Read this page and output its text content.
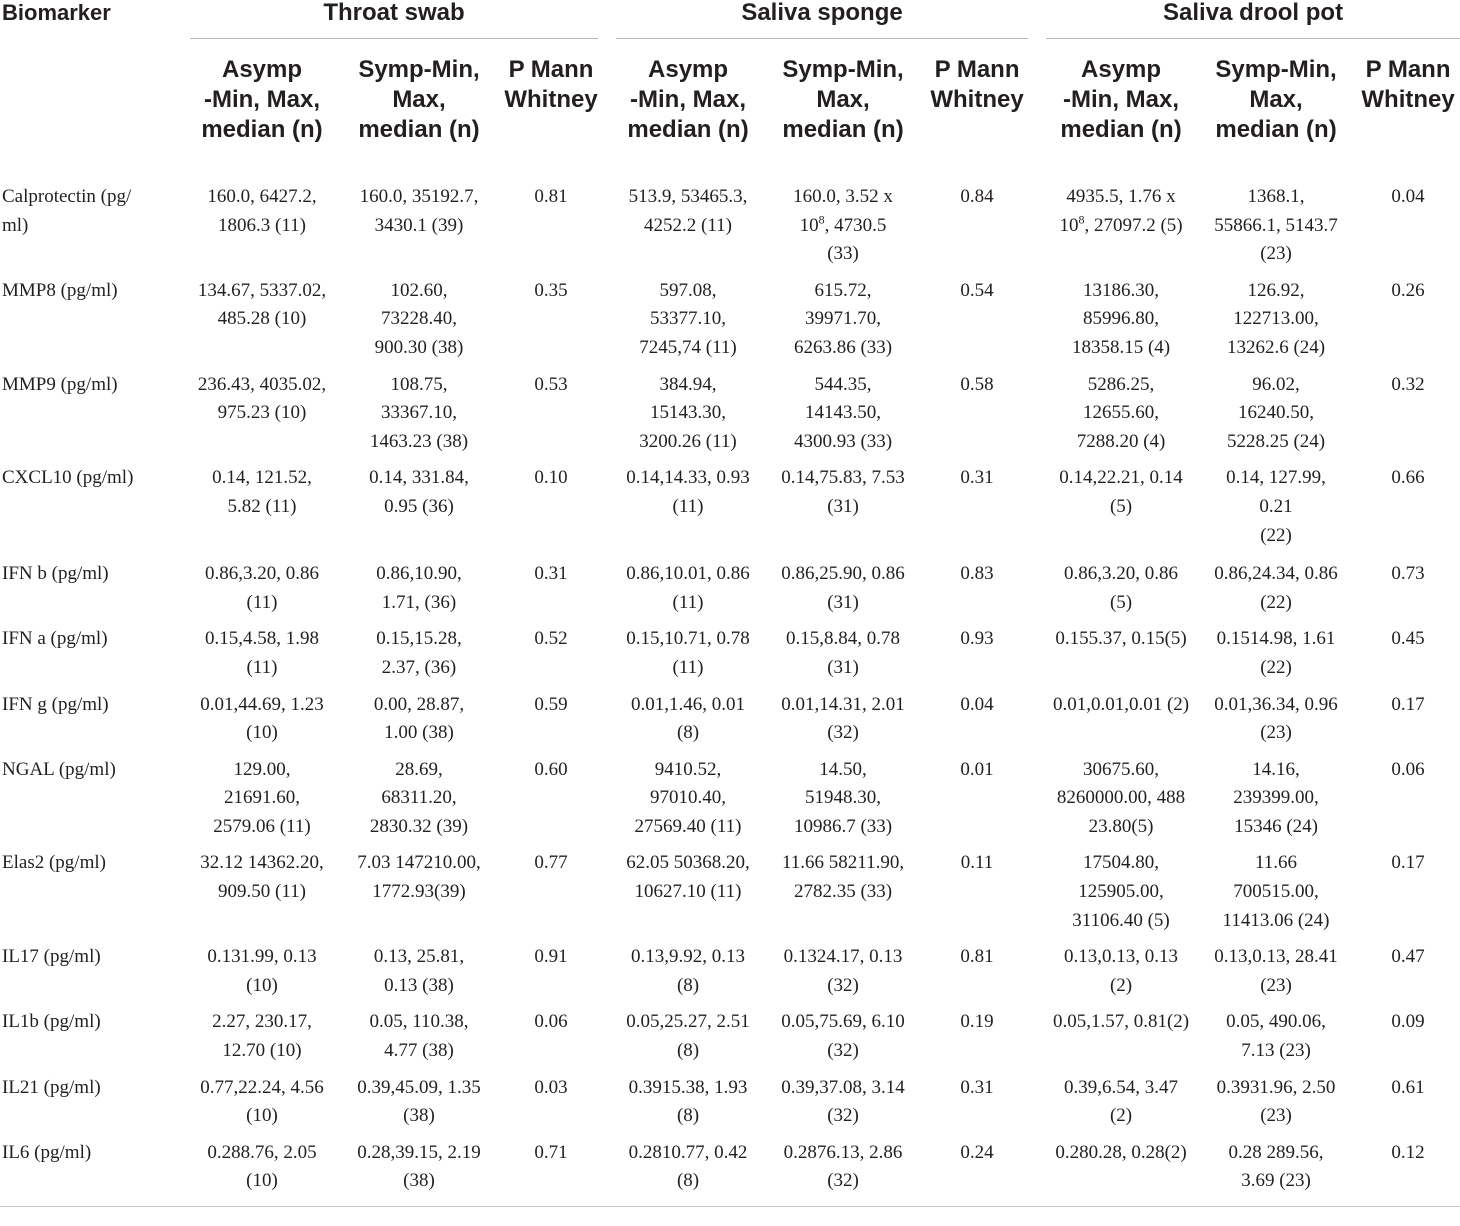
Biomarker	Throat swab				Saliva sponge				Saliva drool pot		
	Asymp
-Min, Max,
median (n)	Symp-Min,
Max,
median (n)	P Mann
Whitney		Asymp
-Min, Max,
median (n)	Symp-Min,
Max,
median (n)	P Mann
Whitney		Asymp
-Min, Max,
median (n)	Symp-Min,
Max,
median (n)	P Mann
Whitney
Calprotectin (pg/
ml)	160.0, 6427.2,
1806.3 (11)	160.0, 35192.7,
3430.1 (39)	0.81		513.9, 53465.3,
4252.2 (11)	160.0, 3.52 x
$10^8$, 4730.5
(33)	0.84		4935.5, 1.76 x
$10^8$, 27097.2 (5)	1368.1,
55866.1, 5143.7
(23)	0.04
MMP8 (pg/ml)	134.67, 5337.02,
485.28 (10)	102.60,
73228.40,
900.30 (38)	0.35		597.08,
53377.10,
7245,74 (11)	615.72,
39971.70,
6263.86 (33)	0.54		13186.30,
85996.80,
18358.15 (4)	126.92,
122713.00,
13262.6 (24)	0.26
MMP9 (pg/ml)	236.43, 4035.02,
975.23 (10)	108.75,
33367.10,
1463.23 (38)	0.53		384.94,
15143.30,
3200.26 (11)	544.35,
14143.50,
4300.93 (33)	0.58		5286.25,
12655.60,
7288.20 (4)	96.02,
16240.50,
5228.25 (24)	0.32
CXCL10 (pg/ml)	0.14, 121.52,
5.82 (11)	0.14, 331.84,
0.95 (36)	0.10		0.14,14.33, 0.93
(11)	0.14,75.83, 7.53
(31)	0.31		0.14,22.21, 0.14
(5)	0.14, 127.99,
0.21
(22)	0.66
IFN b (pg/ml)	0.86,3.20, 0.86
(11)	0.86,10.90,
1.71, (36)	0.31		0.86,10.01, 0.86
(11)	0.86,25.90, 0.86
(31)	0.83		0.86,3.20, 0.86
(5)	0.86,24.34, 0.86
(22)	0.73
IFN a (pg/ml)	0.15,4.58, 1.98
(11)	0.15,15.28,
2.37, (36)	0.52		0.15,10.71, 0.78
(11)	0.15,8.84, 0.78
(31)	0.93		0.155.37, 0.15(5)	0.1514.98, 1.61
(22)	0.45
IFN g (pg/ml)	0.01,44.69, 1.23
(10)	0.00, 28.87,
1.00 (38)	0.59		0.01,1.46, 0.01
(8)	0.01,14.31, 2.01
(32)	0.04		0.01,0.01,0.01 (2)	0.01,36.34, 0.96
(23)	0.17
NGAL (pg/ml)	129.00,
21691.60,
2579.06 (11)	28.69,
68311.20,
2830.32 (39)	0.60		9410.52,
97010.40,
27569.40 (11)	14.50,
51948.30,
10986.7 (33)	0.01		30675.60,
8260000.00, 488
23.80(5)	14.16,
239399.00,
15346 (24)	0.06
Elas2 (pg/ml)	32.12 14362.20,
909.50 (11)	7.03 147210.00,
1772.93(39)	0.77		62.05 50368.20,
10627.10 (11)	11.66 58211.90,
2782.35 (33)	0.11		17504.80,
125905.00,
31106.40 (5)	11.66
700515.00,
11413.06 (24)	0.17
IL17 (pg/ml)	0.131.99, 0.13
(10)	0.13, 25.81,
0.13 (38)	0.91		0.13,9.92, 0.13
(8)	0.1324.17, 0.13
(32)	0.81		0.13,0.13, 0.13
(2)	0.13,0.13, 28.41
(23)	0.47
IL1b (pg/ml)	2.27, 230.17,
12.70 (10)	0.05, 110.38,
4.77 (38)	0.06		0.05,25.27, 2.51
(8)	0.05,75.69, 6.10
(32)	0.19		0.05,1.57, 0.81(2)	0.05, 490.06,
7.13 (23)	0.09
IL21 (pg/ml)	0.77,22.24, 4.56
(10)	0.39,45.09, 1.35
(38)	0.03		0.3915.38, 1.93
(8)	0.39,37.08, 3.14
(32)	0.31		0.39,6.54, 3.47
(2)	0.3931.96, 2.50
(23)	0.61
IL6 (pg/ml)	0.288.76, 2.05
(10)	0.28,39.15, 2.19
(38)	0.71		0.2810.77, 0.42
(8)	0.2876.13, 2.86
(32)	0.24		0.280.28, 0.28(2)	0.28 289.56,
3.69 (23)	0.12
